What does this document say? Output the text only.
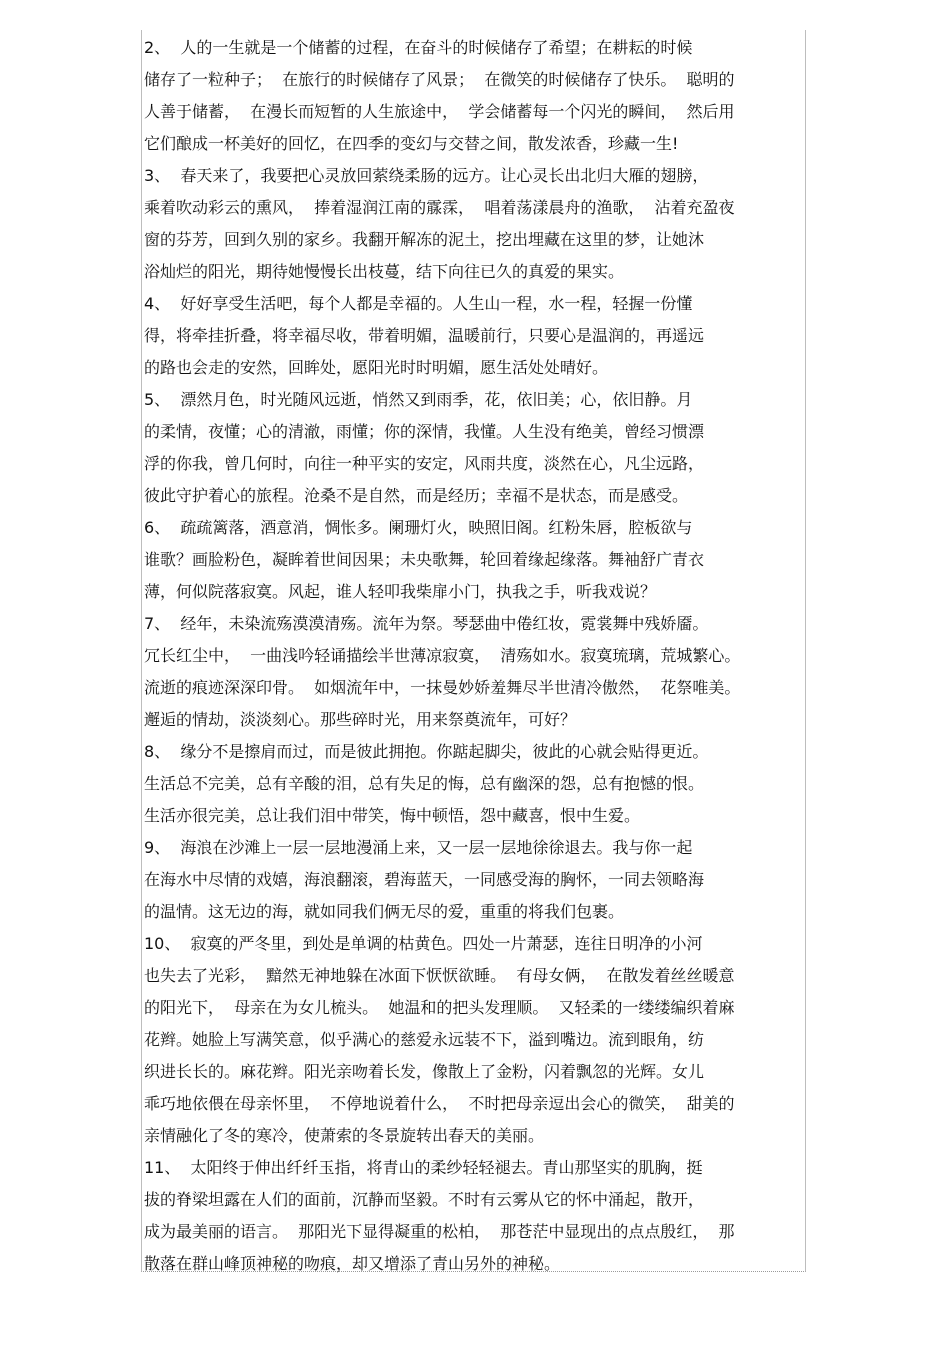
2、  人的一生就是一个储蓄的过程，在奋斗的时候储存了希望；在耕耘的时候
储存了一粒种子；  在旅行的时候储存了风景；  在微笑的时候储存了快乐。  聪明的
人善于储蓄，  在漫长而短暂的人生旅途中，  学会储蓄每一个闪光的瞬间，  然后用
它们酿成一杯美好的回忆，在四季的变幻与交替之间，散发浓香，珍藏一生!
3、  春天来了，我要把心灵放回萦绕柔肠的远方。让心灵长出北归大雁的翅膀，
乘着吹动彩云的熏风，  捧着湿润江南的霡霂，  唱着荡漾晨舟的渔歌，  沾着充盈夜
窗的芬芳，回到久别的家乡。我翻开解冻的泥土，挖出埋藏在这里的梦，让她沐
浴灿烂的阳光，期待她慢慢长出枝蔓，结下向往已久的真爱的果实。
4、  好好享受生活吧，每个人都是幸福的。人生山一程，水一程，轻握一份懂
得，将牵挂折叠，将幸福尽收，带着明媚，温暖前行，只要心是温润的，再遥远
的路也会走的安然，回眸处，愿阳光时时明媚，愿生活处处晴好。
5、  漂然月色，时光随风远逝，悄然又到雨季，花，依旧美；心，依旧静。月
的柔情，夜懂；心的清澈，雨懂；你的深情，我懂。人生没有绝美，曾经习惯漂
浮的你我，曾几何时，向往一种平实的安定，风雨共度，淡然在心，凡尘远路，
彼此守护着心的旅程。沧桑不是自然，而是经历；幸福不是状态，而是感受。
6、  疏疏篱落，酒意消，惆怅多。阑珊灯火，映照旧阁。红粉朱唇，腔板欲与
谁歌？画脸粉色，凝眸着世间因果；未央歌舞，轮回着缘起缘落。舞袖舒广青衣
薄，何似院落寂寞。风起，谁人轻叩我柴扉小门，执我之手，听我戏说？
7、  经年，未染流殇漠漠清殇。流年为祭。琴瑟曲中倦红妆，霓裳舞中残娇靥。
冗长红尘中，  一曲浅吟轻诵描绘半世薄凉寂寞，  清殇如水。寂寞琉璃，荒城繁心。
流逝的痕迹深深印骨。  如烟流年中，一抹曼妙娇羞舞尽半世清冷傲然，  花祭唯美。
邂逅的情劫，淡淡刻心。那些碎时光，用来祭奠流年，可好？
8、  缘分不是擦肩而过，而是彼此拥抱。你踮起脚尖，彼此的心就会贴得更近。
生活总不完美，总有辛酸的泪，总有失足的悔，总有幽深的怨，总有抱憾的恨。
生活亦很完美，总让我们泪中带笑，悔中顿悟，怨中藏喜，恨中生爱。
9、  海浪在沙滩上一层一层地漫涌上来，又一层一层地徐徐退去。我与你一起
在海水中尽情的戏嬉，海浪翻滚，碧海蓝天，一同感受海的胸怀，一同去领略海
的温情。这无边的海，就如同我们俩无尽的爱，重重的将我们包裹。
10、  寂寞的严冬里，到处是单调的枯黄色。四处一片萧瑟，连往日明净的小河
也失去了光彩，  黯然无神地躲在冰面下恹恹欲睡。  有母女俩，  在散发着丝丝暖意
的阳光下，  母亲在为女儿梳头。  她温和的把头发理顺。  又轻柔的一缕缕编织着麻
花辫。她脸上写满笑意，似乎满心的慈爱永远装不下，溢到嘴边。流到眼角，纺
织进长长的。麻花辫。阳光亲吻着长发，像散上了金粉，闪着飘忽的光辉。女儿
乖巧地依偎在母亲怀里，  不停地说着什么，  不时把母亲逗出会心的微笑，  甜美的
亲情融化了冬的寒冷，使萧索的冬景旋转出春天的美丽。
11、  太阳终于伸出纤纤玉指，将青山的柔纱轻轻褪去。青山那坚实的肌胸，挺
拔的脊梁坦露在人们的面前，沉静而坚毅。不时有云雾从它的怀中涌起，散开，
成为最美丽的语言。  那阳光下显得凝重的松柏，  那苍茫中显现出的点点殷红，  那
散落在群山峰顶神秘的吻痕，却又增添了青山另外的神秘。
